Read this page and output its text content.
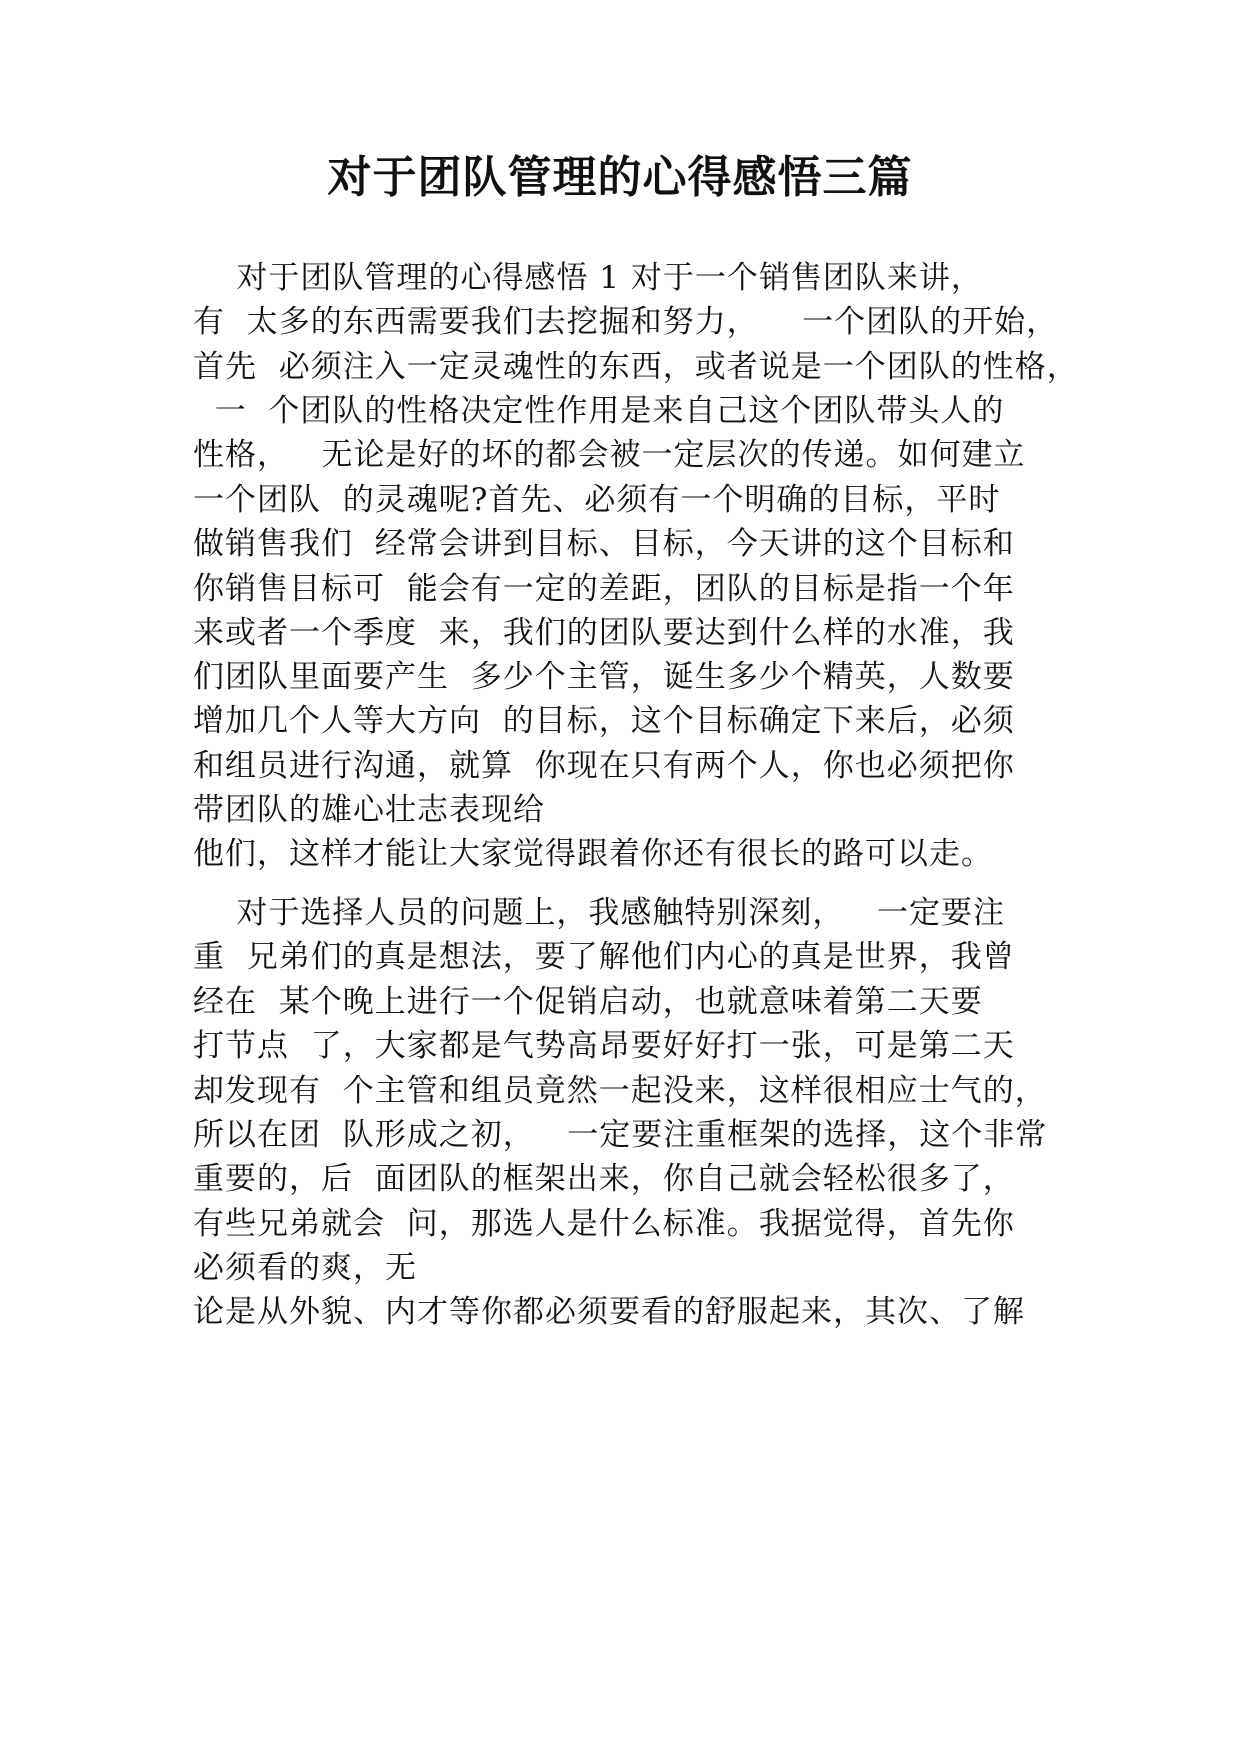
对于团队管理的心得感悟三篇
对于团队管理的心得感悟 1 对于一个销售团队来讲，
有  太多的东西需要我们去挖掘和努力，    一个团队的开始，
首先  必须注入一定灵魂性的东西，或者说是一个团队的性格，
一  个团队的性格决定性作用是来自己这个团队带头人的
性格，   无论是好的坏的都会被一定层次的传递。如何建立
一个团队  的灵魂呢?首先、必须有一个明确的目标，平时
做销售我们  经常会讲到目标、目标，今天讲的这个目标和
你销售目标可  能会有一定的差距，团队的目标是指一个年
来或者一个季度  来，我们的团队要达到什么样的水准，我
们团队里面要产生  多少个主管，诞生多少个精英，人数要
增加几个人等大方向  的目标，这个目标确定下来后，必须
和组员进行沟通，就算  你现在只有两个人，你也必须把你
带团队的雄心壮志表现给
他们，这样才能让大家觉得跟着你还有很长的路可以走。
对于选择人员的问题上，我感触特别深刻，   一定要注
重  兄弟们的真是想法，要了解他们内心的真是世界，我曾
经在  某个晚上进行一个促销启动，也就意味着第二天要
打节点  了，大家都是气势高昂要好好打一张，可是第二天
却发现有  个主管和组员竟然一起没来，这样很相应士气的，
所以在团  队形成之初，   一定要注重框架的选择，这个非常
重要的，后  面团队的框架出来，你自己就会轻松很多了，
有些兄弟就会  问，那选人是什么标准。我据觉得，首先你
必须看的爽，无
论是从外貌、内才等你都必须要看的舒服起来，其次、了解
